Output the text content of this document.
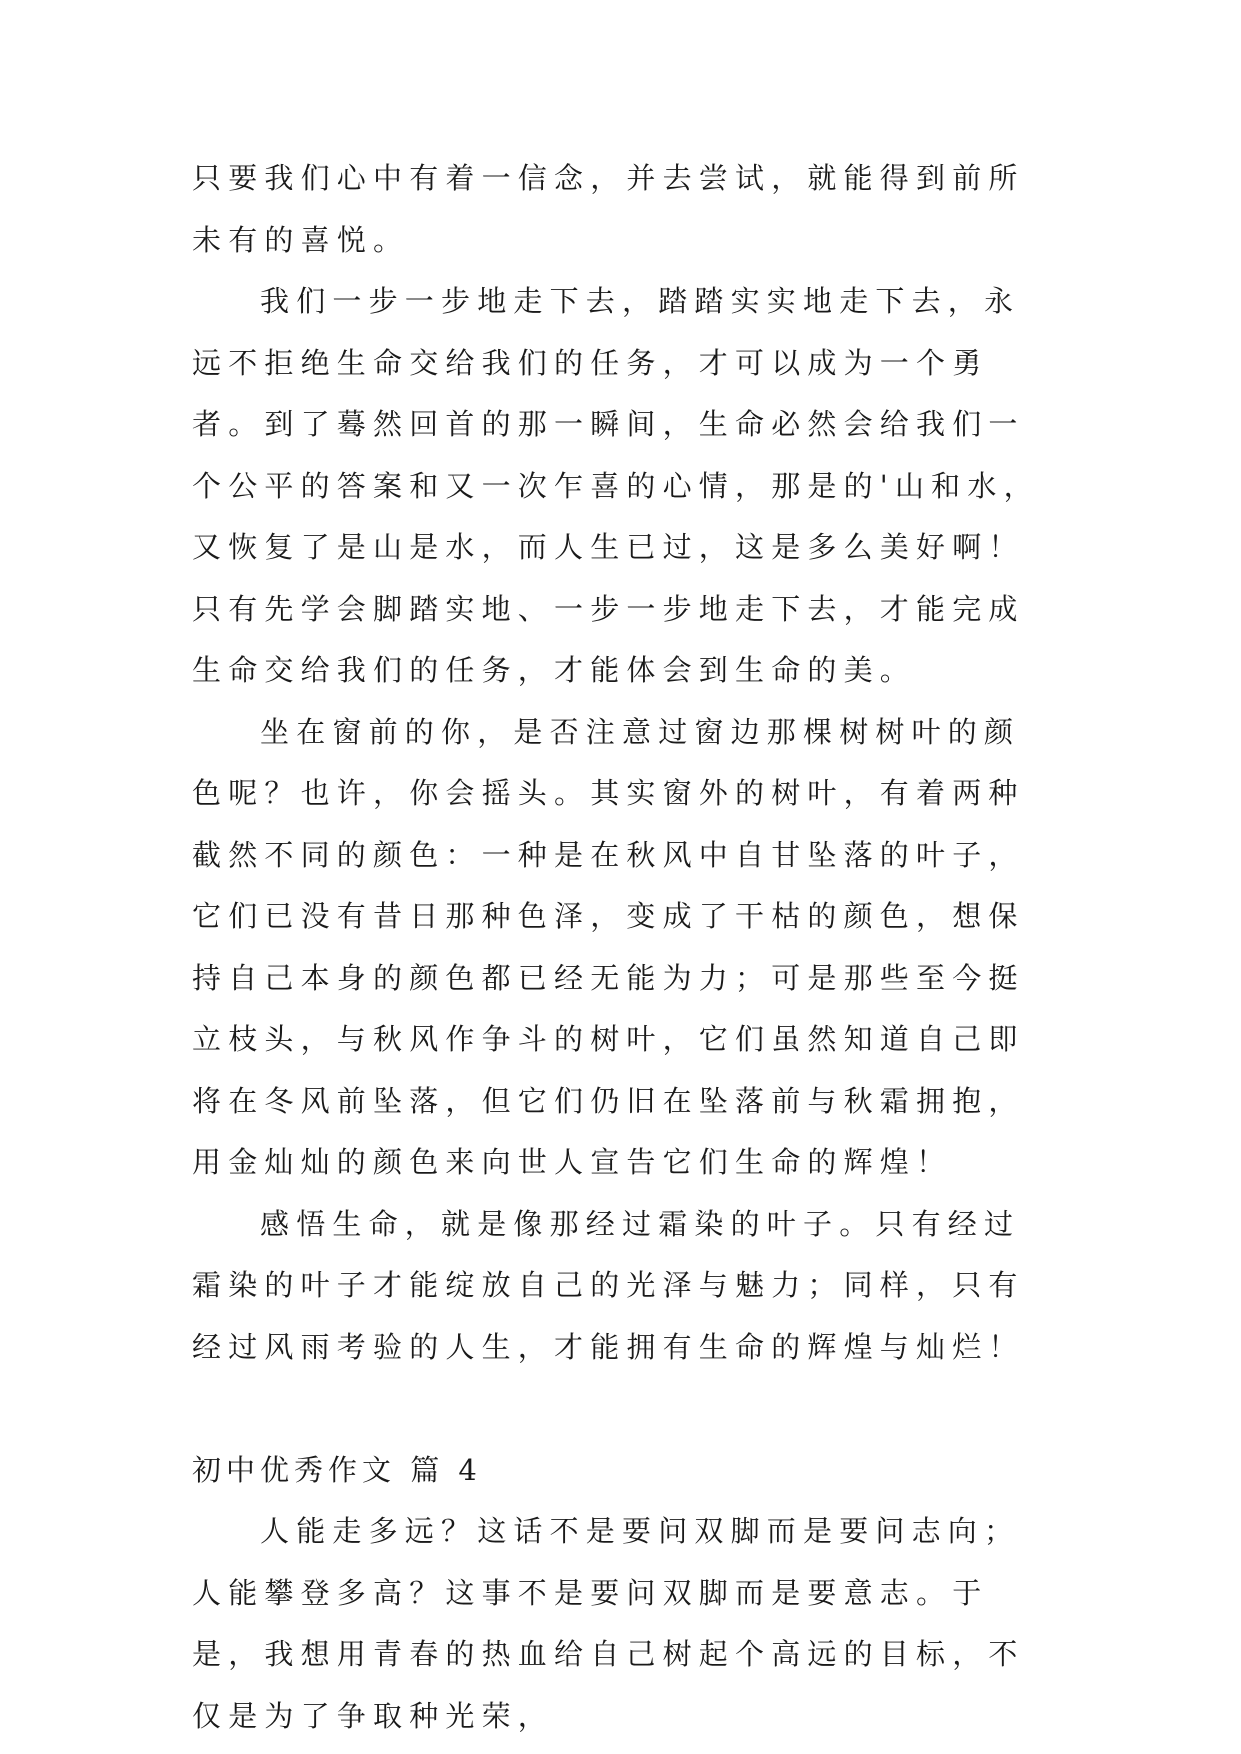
只要我们心中有着一信念，并去尝试，就能得到前所未有的喜悦。

我们一步一步地走下去，踏踏实实地走下去，永远不拒绝生命交给我们的任务，才可以成为一个勇者。到了蓦然回首的那一瞬间，生命必然会给我们一个公平的答案和又一次乍喜的心情，那是的'山和水，又恢复了是山是水，而人生已过，这是多么美好啊！只有先学会脚踏实地、一步一步地走下去，才能完成生命交给我们的任务，才能体会到生命的美。

坐在窗前的你，是否注意过窗边那棵树树叶的颜色呢？也许，你会摇头。其实窗外的树叶，有着两种截然不同的颜色：一种是在秋风中自甘坠落的叶子，它们已没有昔日那种色泽，变成了干枯的颜色，想保持自己本身的颜色都已经无能为力；可是那些至今挺立枝头，与秋风作争斗的树叶，它们虽然知道自己即将在冬风前坠落，但它们仍旧在坠落前与秋霜拥抱，用金灿灿的颜色来向世人宣告它们生命的辉煌！

感悟生命，就是像那经过霜染的叶子。只有经过霜染的叶子才能绽放自己的光泽与魅力；同样，只有经过风雨考验的人生，才能拥有生命的辉煌与灿烂！

初中优秀作文 篇 4

人能走多远？这话不是要问双脚而是要问志向；人能攀登多高？这事不是要问双脚而是要意志。于是，我想用青春的热血给自己树起个高远的目标，不仅是为了争取种光荣，
